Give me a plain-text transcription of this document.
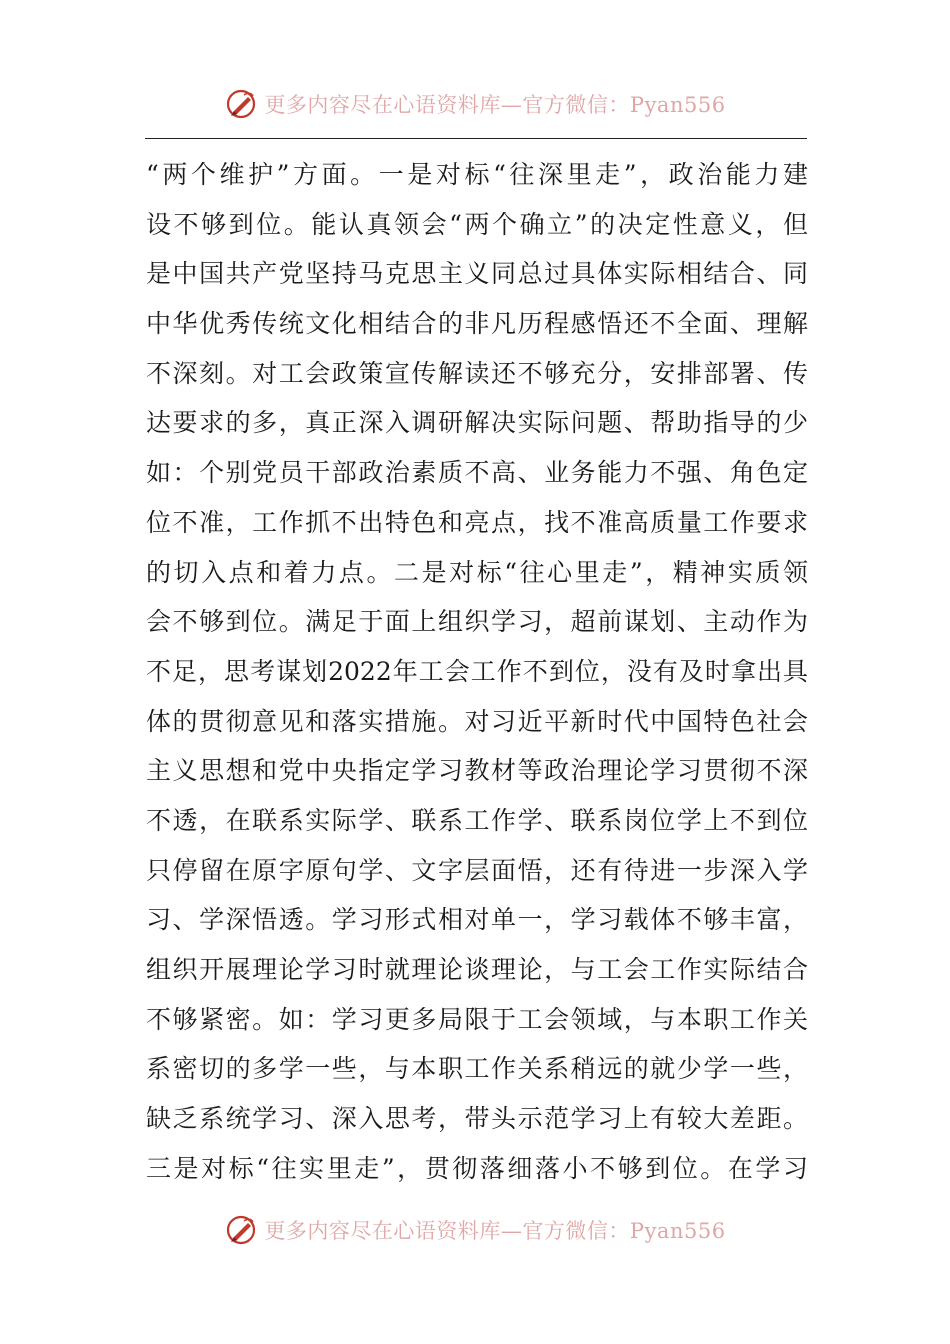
更多内容尽在心语资料库—官方微信：Pyan556
“两个维护”方面。一是对标“往深里走”，政治能力建
设不够到位。能认真领会“两个确立”的决定性意义，但
是中国共产党坚持马克思主义同总过具体实际相结合、同
中华优秀传统文化相结合的非凡历程感悟还不全面、理解
不深刻。对工会政策宣传解读还不够充分，安排部署、传
达要求的多，真正深入调研解决实际问题、帮助指导的少
如：个别党员干部政治素质不高、业务能力不强、角色定
位不准，工作抓不出特色和亮点，找不准高质量工作要求
的切入点和着力点。二是对标“往心里走”，精神实质领
会不够到位。满足于面上组织学习，超前谋划、主动作为
不足，思考谋划2022年工会工作不到位，没有及时拿出具
体的贯彻意见和落实措施。对习近平新时代中国特色社会
主义思想和党中央指定学习教材等政治理论学习贯彻不深
不透，在联系实际学、联系工作学、联系岗位学上不到位
只停留在原字原句学、文字层面悟，还有待进一步深入学
习、学深悟透。学习形式相对单一，学习载体不够丰富，
组织开展理论学习时就理论谈理论，与工会工作实际结合
不够紧密。如：学习更多局限于工会领域，与本职工作关
系密切的多学一些，与本职工作关系稍远的就少学一些，
缺乏系统学习、深入思考，带头示范学习上有较大差距。
三是对标“往实里走”，贯彻落细落小不够到位。在学习
更多内容尽在心语资料库—官方微信：Pyan556
